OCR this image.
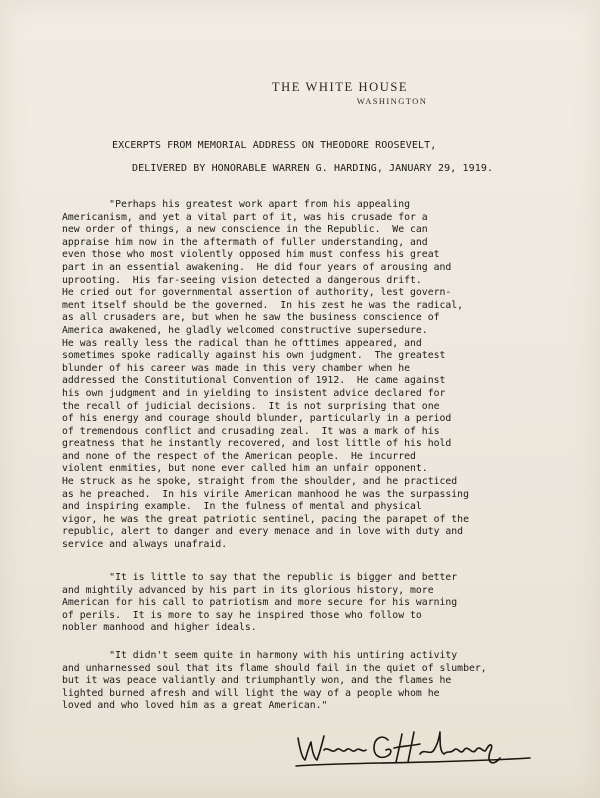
THE WHITE HOUSE
WASHINGTON
EXCERPTS FROM MEMORIAL ADDRESS ON THEODORE ROOSEVELT,
DELIVERED BY HONORABLE WARREN G. HARDING, JANUARY 29, 1919.
"Perhaps his greatest work apart from his appealing
Americanism, and yet a vital part of it, was his crusade for a
new order of things, a new conscience in the Republic.  We can
appraise him now in the aftermath of fuller understanding, and
even those who most violently opposed him must confess his great
part in an essential awakening.  He did four years of arousing and
uprooting.  His far-seeing vision detected a dangerous drift.
He cried out for governmental assertion of authority, lest govern-
ment itself should be the governed.  In his zest he was the radical,
as all crusaders are, but when he saw the business conscience of
America awakened, he gladly welcomed constructive supersedure.
He was really less the radical than he ofttimes appeared, and
sometimes spoke radically against his own judgment.  The greatest
blunder of his career was made in this very chamber when he
addressed the Constitutional Convention of 1912.  He came against
his own judgment and in yielding to insistent advice declared for
the recall of judicial decisions.  It is not surprising that one
of his energy and courage should blunder, particularly in a period
of tremendous conflict and crusading zeal.  It was a mark of his
greatness that he instantly recovered, and lost little of his hold
and none of the respect of the American people.  He incurred
violent enmities, but none ever called him an unfair opponent.
He struck as he spoke, straight from the shoulder, and he practiced
as he preached.  In his virile American manhood he was the surpassing
and inspiring example.  In the fulness of mental and physical
vigor, he was the great patriotic sentinel, pacing the parapet of the
republic, alert to danger and every menace and in love with duty and
service and always unafraid.
"It is little to say that the republic is bigger and better
and mightily advanced by his part in its glorious history, more
American for his call to patriotism and more secure for his warning
of perils.  It is more to say he inspired those who follow to
nobler manhood and higher ideals.
"It didn't seem quite in harmony with his untiring activity
and unharnessed soul that its flame should fail in the quiet of slumber,
but it was peace valiantly and triumphantly won, and the flames he
lighted burned afresh and will light the way of a people whom he
loved and who loved him as a great American."
